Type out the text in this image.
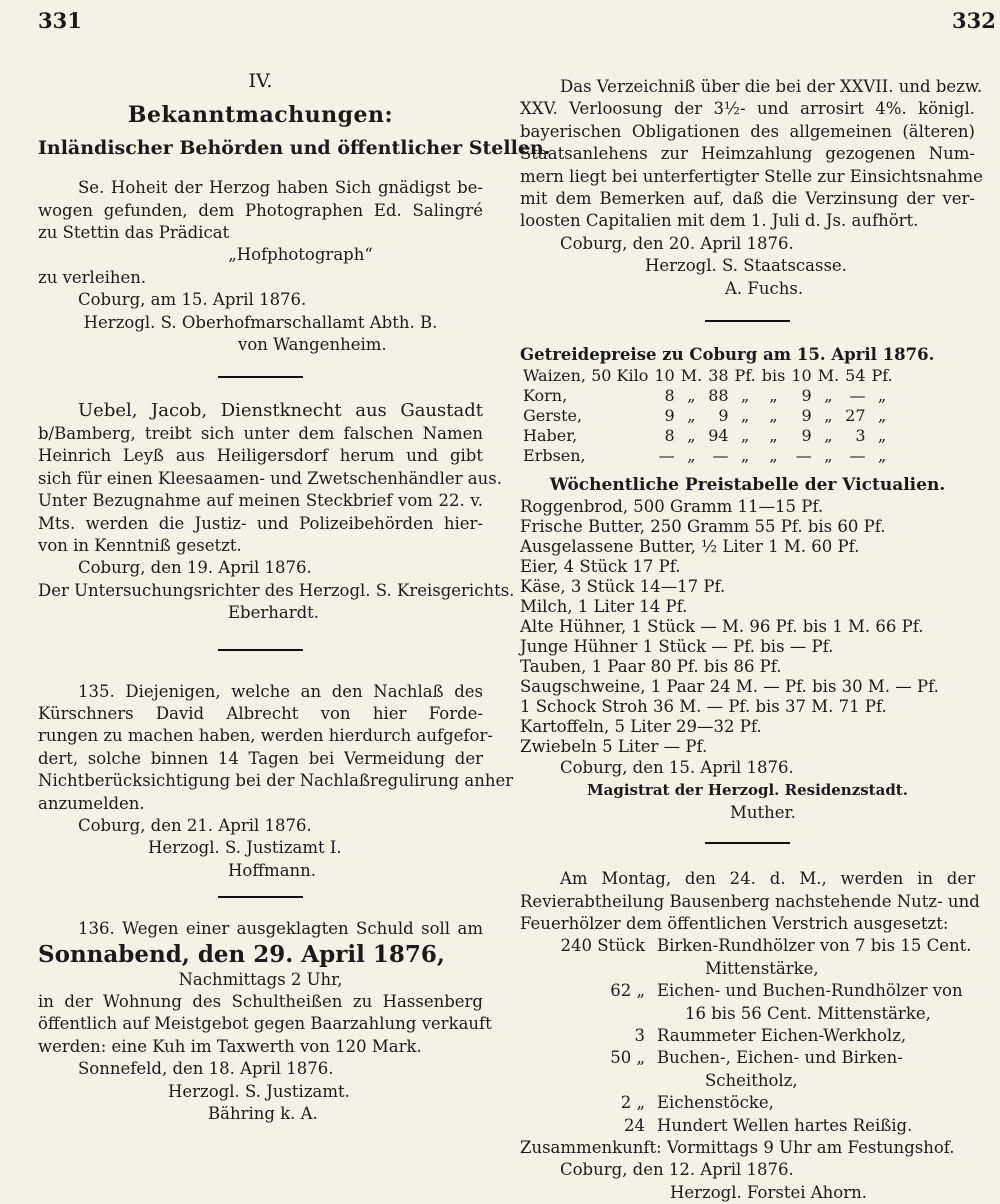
331	332
IV.
Bekanntmachungen:
Inländischer Behörden und öffentlicher Stellen.
Se. Hoheit der Herzog haben Sich gnädigst be-
wogen gefunden, dem Photographen Ed. Salingré
zu Stettin das Prädicat
„Hofphotograph“
zu verleihen.
Coburg, am 15. April 1876.
Herzogl. S. Oberhofmarschallamt Abth. B.
von Wangenheim.
Uebel, Jacob, Dienstknecht aus Gaustadt
b/Bamberg, treibt sich unter dem falschen Namen
Heinrich Leyß aus Heiligersdorf herum und gibt
sich für einen Kleesaamen- und Zwetschenhändler aus.
Unter Bezugnahme auf meinen Steckbrief vom 22. v.
Mts. werden die Justiz- und Polizeibehörden hier-
von in Kenntniß gesetzt.
Coburg, den 19. April 1876.
Der Untersuchungsrichter des Herzogl. S. Kreisgerichts.
Eberhardt.
135. Diejenigen, welche an den Nachlaß des
Kürschners David Albrecht von hier Forde-
rungen zu machen haben, werden hierdurch aufgefor-
dert, solche binnen 14 Tagen bei Vermeidung der
Nichtberücksichtigung bei der Nachlaßregulirung anher
anzumelden.
Coburg, den 21. April 1876.
Herzogl. S. Justizamt I.
Hoffmann.
136. Wegen einer ausgeklagten Schuld soll am
Sonnabend, den 29. April 1876,
Nachmittags 2 Uhr,
in der Wohnung des Schultheißen zu Hassenberg
öffentlich auf Meistgebot gegen Baarzahlung verkauft
werden: eine Kuh im Taxwerth von 120 Mark.
Sonnefeld, den 18. April 1876.
Herzogl. S. Justizamt.
Bähring k. A.
Das Verzeichniß über die bei der XXVII. und bezw.
XXV. Verloosung der 3½- und arrosirt 4%. königl.
bayerischen Obligationen des allgemeinen (älteren)
Staatsanlehens zur Heimzahlung gezogenen Num-
mern liegt bei unterfertigter Stelle zur Einsichtsnahme
mit dem Bemerken auf, daß die Verzinsung der ver-
loosten Capitalien mit dem 1. Juli d. Js. aufhört.
Coburg, den 20. April 1876.
Herzogl. S. Staatscasse.
A. Fuchs.
Getreidepreise zu Coburg am 15. April 1876.
Waizen, 50 Kilo	10	M.	38	Pf.	bis	10	M.	54	Pf.
Korn,	8	„	88	„	„	9	„	—	„
Gerste,	9	„	9	„	„	9	„	27	„
Haber,	8	„	94	„	„	9	„	3	„
Erbsen,	—	„	—	„	„	—	„	—	„
Wöchentliche Preistabelle der Victualien.
Roggenbrod, 500 Gramm 11—15 Pf.
Frische Butter, 250 Gramm 55 Pf. bis 60 Pf.
Ausgelassene Butter, ½ Liter 1 M. 60 Pf.
Eier, 4 Stück 17 Pf.
Käse, 3 Stück 14—17 Pf.
Milch, 1 Liter 14 Pf.
Alte Hühner, 1 Stück — M. 96 Pf. bis 1 M. 66 Pf.
Junge Hühner 1 Stück — Pf. bis — Pf.
Tauben, 1 Paar 80 Pf. bis 86 Pf.
Saugschweine, 1 Paar 24 M. — Pf. bis 30 M. — Pf.
1 Schock Stroh 36 M. — Pf. bis 37 M. 71 Pf.
Kartoffeln, 5 Liter 29—32 Pf.
Zwiebeln 5 Liter — Pf.
Coburg, den 15. April 1876.
Magistrat der Herzogl. Residenzstadt.
Muther.
Am Montag, den 24. d. M., werden in der
Revierabtheilung Bausenberg nachstehende Nutz- und
Feuerhölzer dem öffentlichen Verstrich ausgesetzt:
240 Stück Birken-Rundhölzer von 7 bis 15 Cent.
Mittenstärke,
62 „ Eichen- und Buchen-Rundhölzer von
16 bis 56 Cent. Mittenstärke,
3 Raummeter Eichen-Werkholz,
50 „ Buchen-, Eichen- und Birken-
Scheitholz,
2 „ Eichenstöcke,
24 Hundert Wellen hartes Reißig.
Zusammenkunft: Vormittags 9 Uhr am Festungshof.
Coburg, den 12. April 1876.
Herzogl. Forstei Ahorn.
